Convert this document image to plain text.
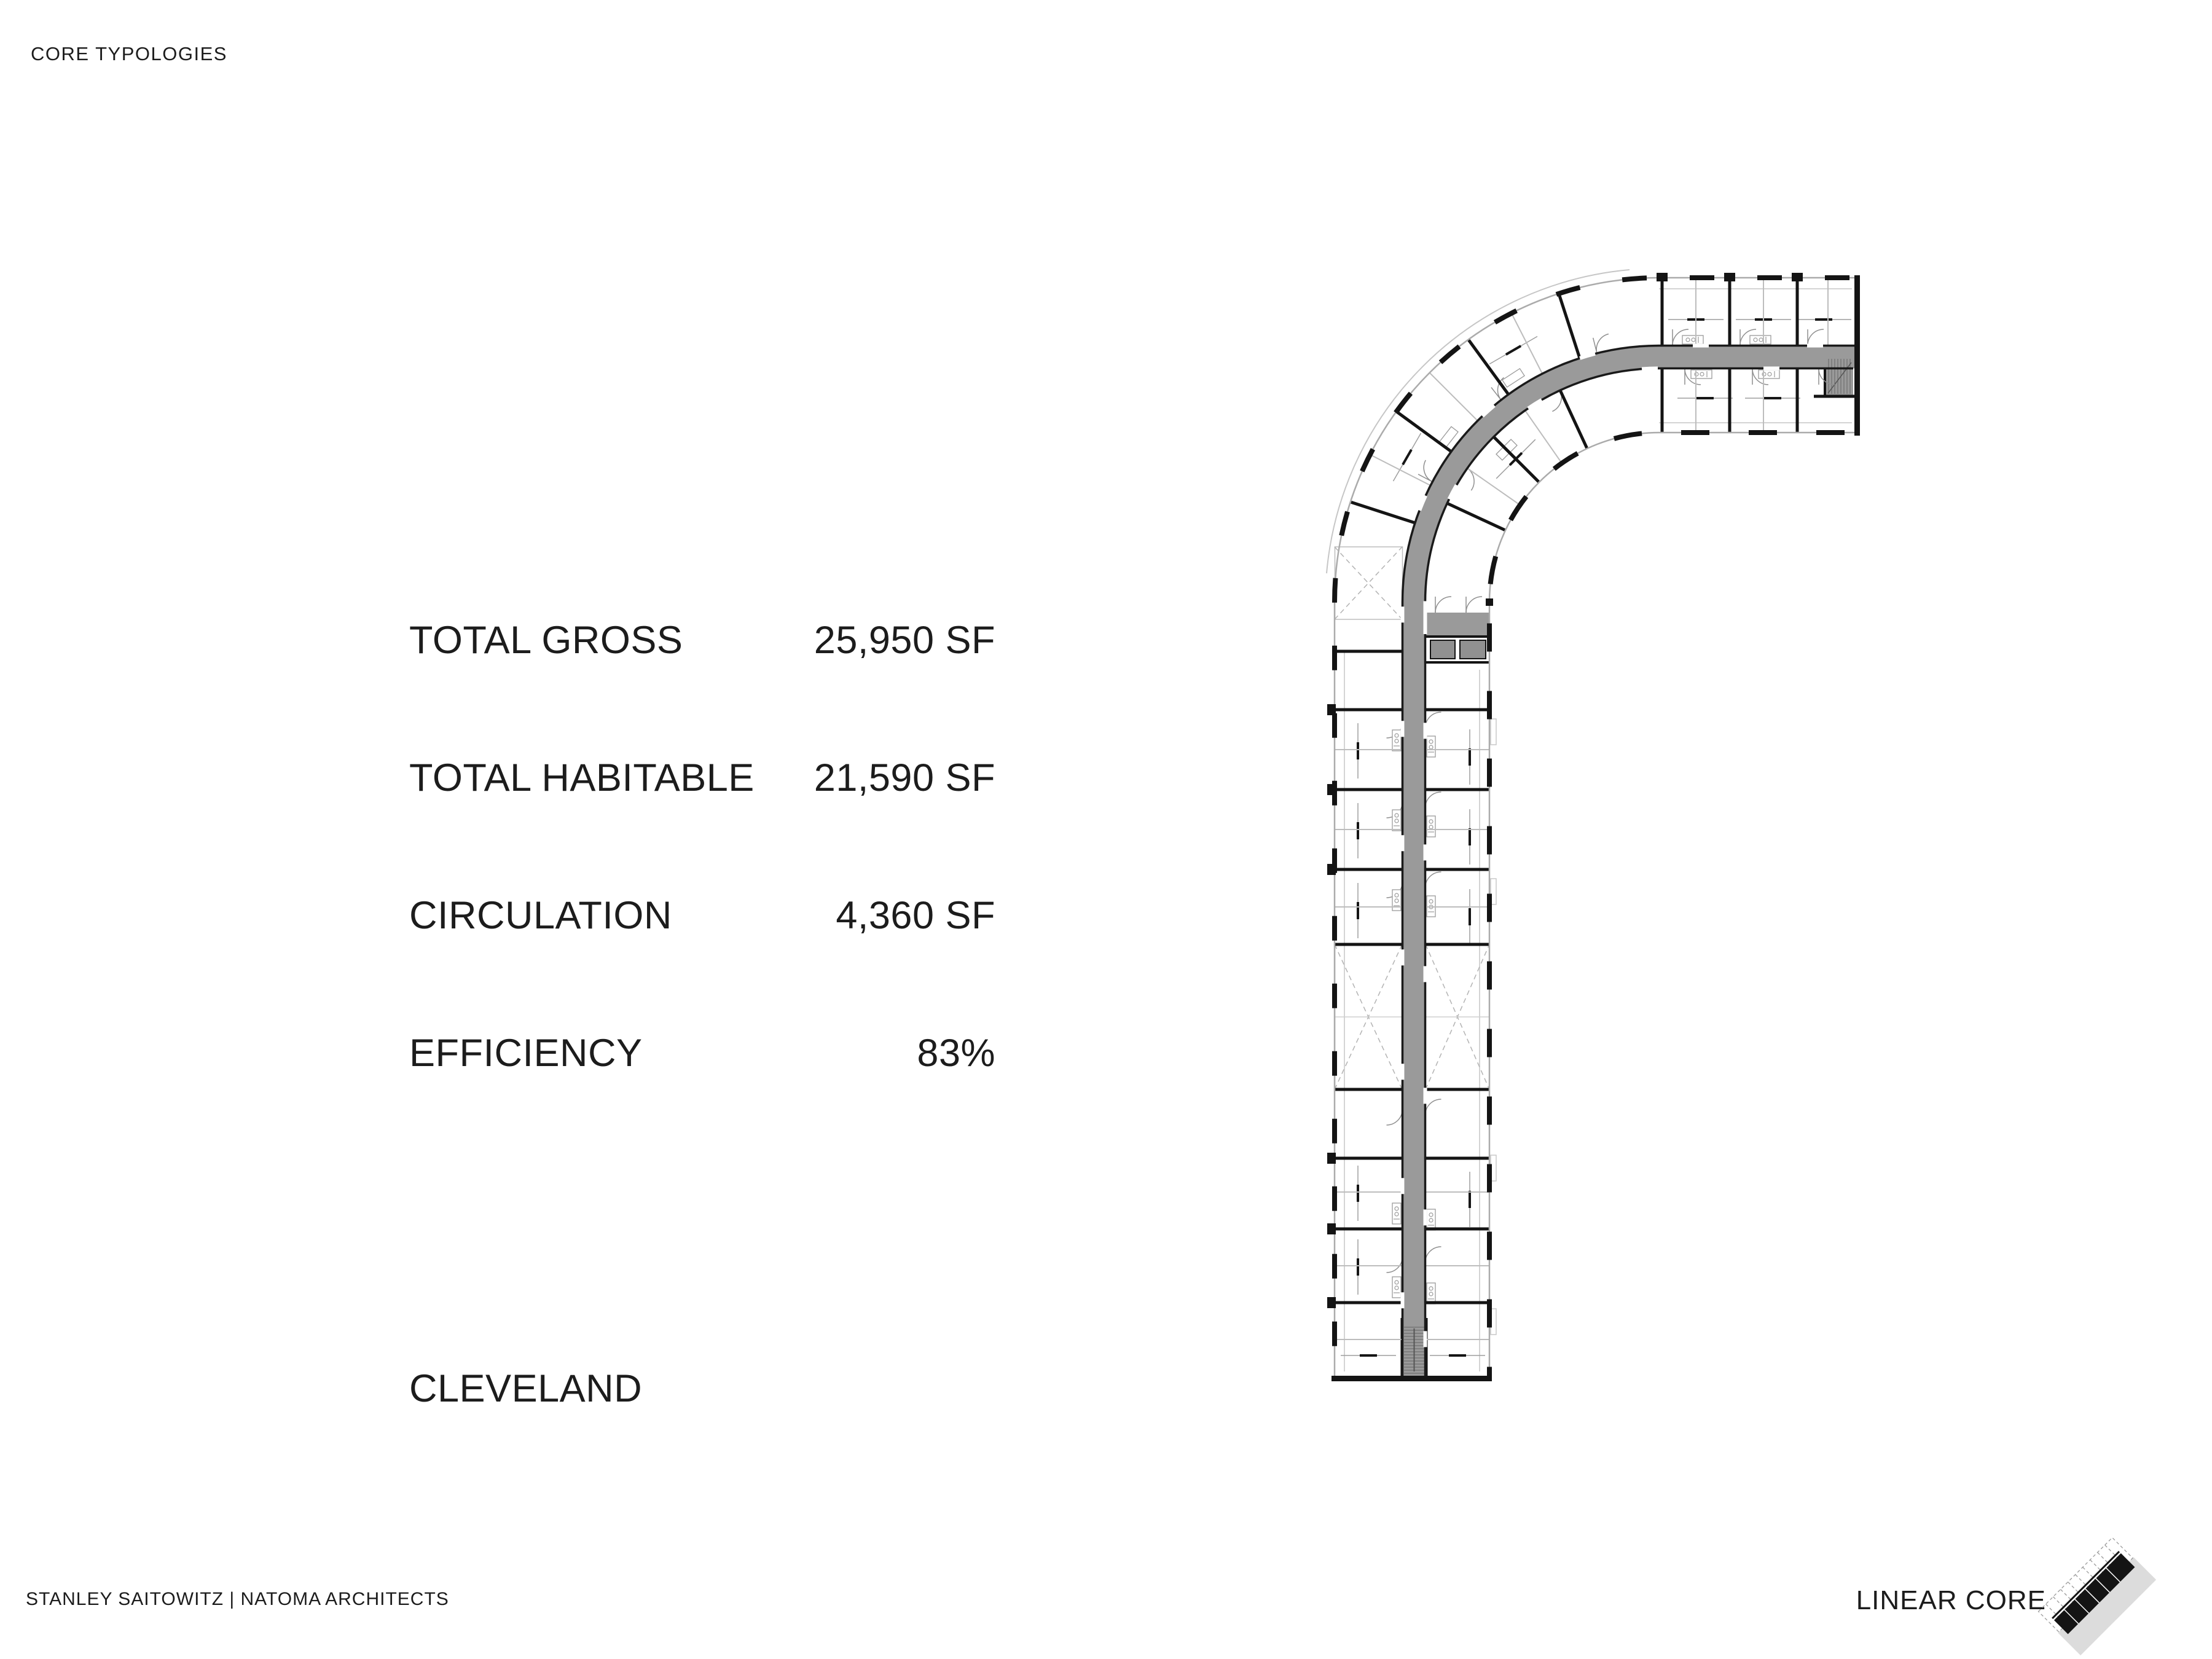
CORE TYPOLOGIES
TOTAL GROSS	25,950 SF
TOTAL HABITABLE 21,590 SF
CIRCULATION	4,360 SF
EFFICIENCY	83%
CLEVELAND
STANLEY SAITOWITZ | NATOMA ARCHITECTS	LINEAR CORE
